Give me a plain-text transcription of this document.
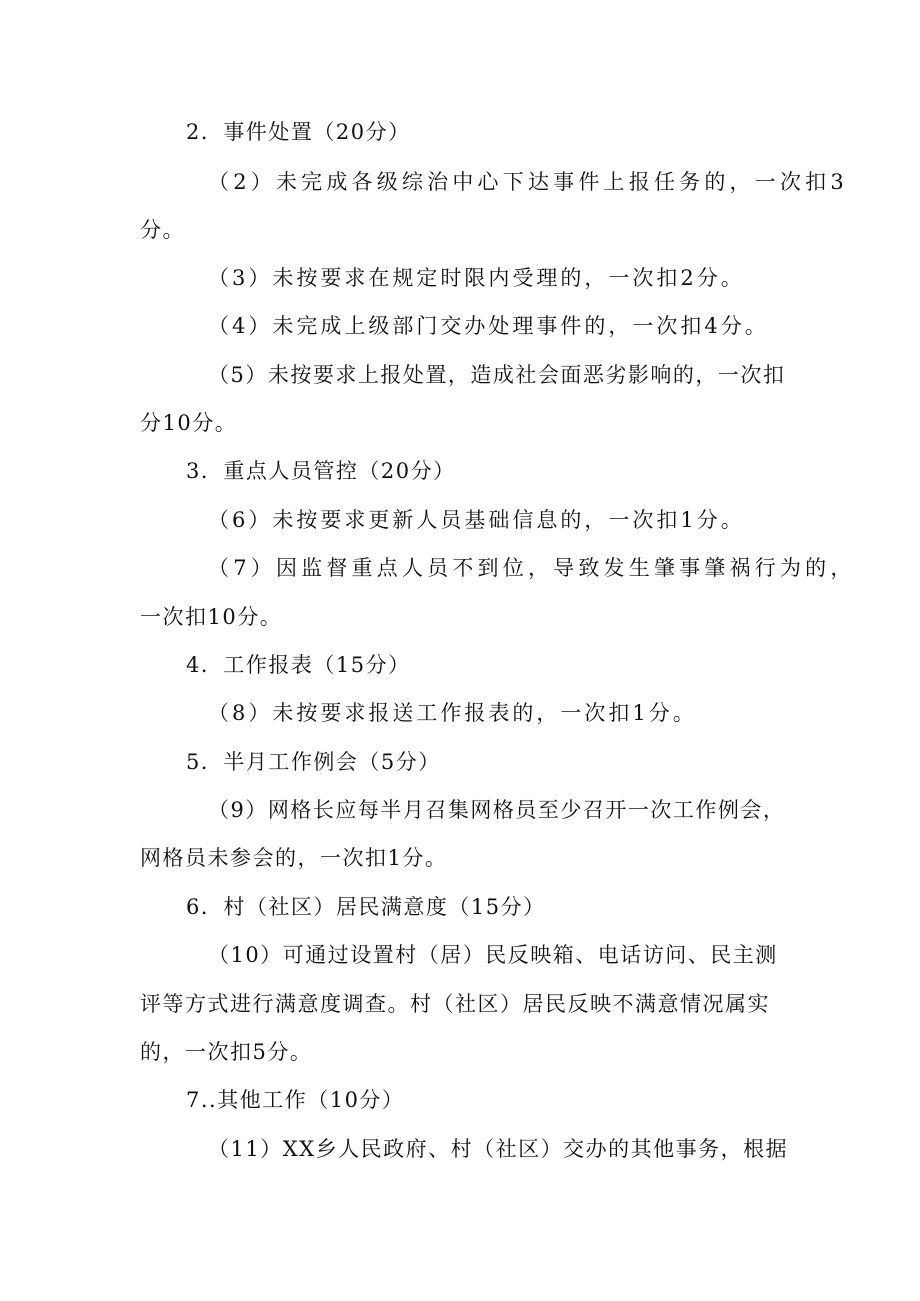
2．事件处置（20分）
（2）未完成各级综治中心下达事件上报任务的，一次扣3
分。
（3）未按要求在规定时限内受理的，一次扣2分。
（4）未完成上级部门交办处理事件的，一次扣4分。
（5）未按要求上报处置，造成社会面恶劣影响的，一次扣
分10分。
3．重点人员管控（20分）
（6）未按要求更新人员基础信息的，一次扣1分。
（7）因监督重点人员不到位，导致发生肇事肇祸行为的，
一次扣10分。
4．工作报表（15分）
（8）未按要求报送工作报表的，一次扣1分。
5．半月工作例会（5分）
（9）网格长应每半月召集网格员至少召开一次工作例会，
网格员未参会的，一次扣1分。
6．村（社区）居民满意度（15分）
（10）可通过设置村（居）民反映箱、电话访问、民主测
评等方式进行满意度调查。村（社区）居民反映不满意情况属实
的，一次扣5分。
7..其他工作（10分）
（11）XX乡人民政府、村（社区）交办的其他事务，根据
